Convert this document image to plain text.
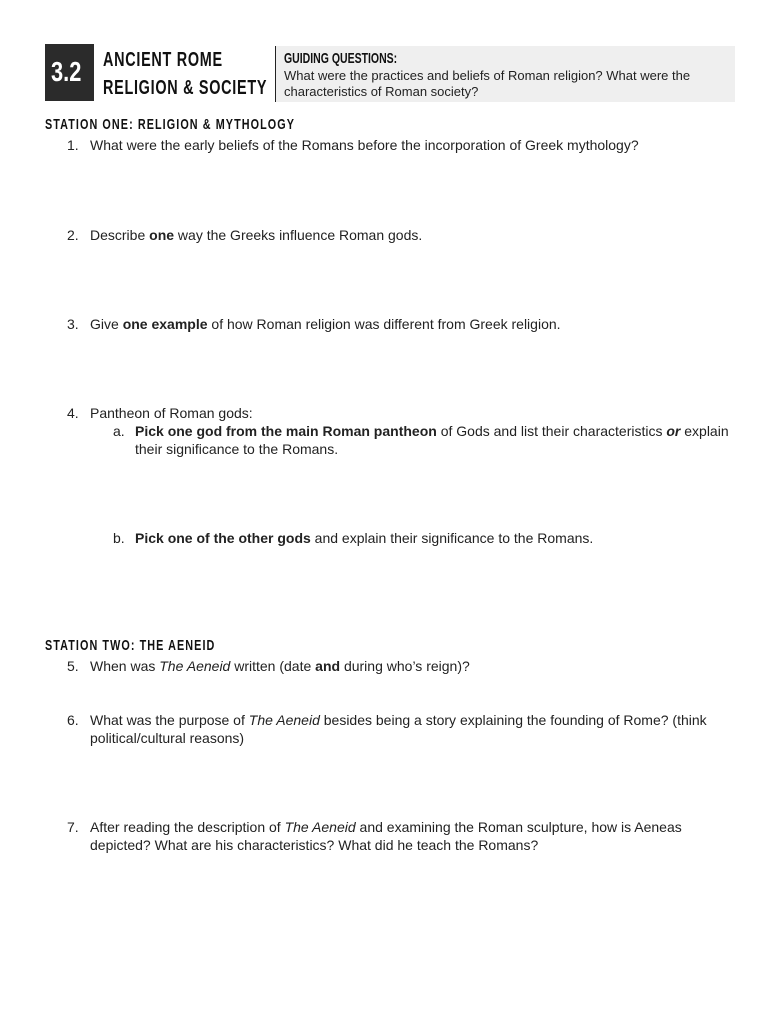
3.2 ANCIENT ROME
RELIGION & SOCIETY
GUIDING QUESTIONS:
What were the practices and beliefs of Roman religion? What were the characteristics of Roman society?
STATION ONE: RELIGION & MYTHOLOGY
1. What were the early beliefs of the Romans before the incorporation of Greek mythology?
2. Describe one way the Greeks influence Roman gods.
3. Give one example of how Roman religion was different from Greek religion.
4. Pantheon of Roman gods:
a. Pick one god from the main Roman pantheon of Gods and list their characteristics or explain their significance to the Romans.
b. Pick one of the other gods and explain their significance to the Romans.
STATION TWO: THE AENEID
5. When was The Aeneid written (date and during who’s reign)?
6. What was the purpose of The Aeneid besides being a story explaining the founding of Rome? (think political/cultural reasons)
7. After reading the description of The Aeneid and examining the Roman sculpture, how is Aeneas depicted? What are his characteristics? What did he teach the Romans?
